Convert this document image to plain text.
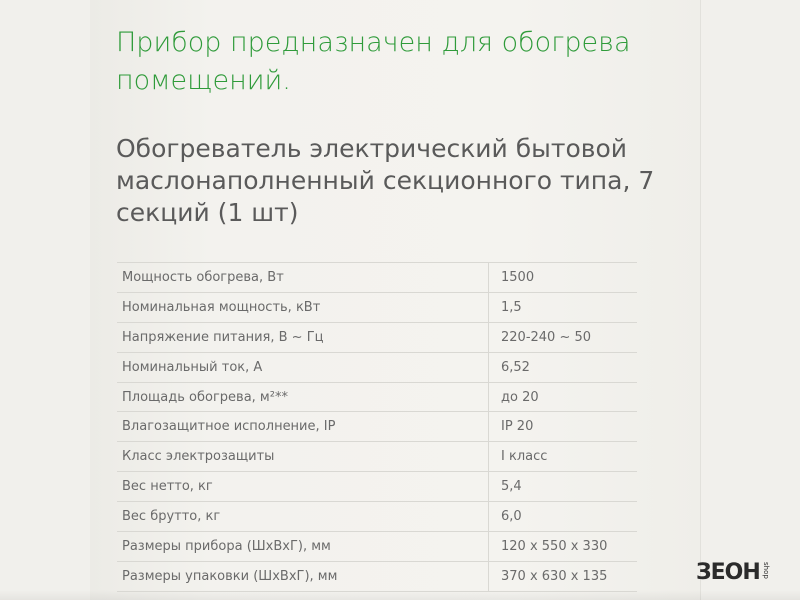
Прибор предназначен для обогрева помещений.
Обогреватель электрический бытовой маслонаполненный секционного типа, 7 секций (1 шт)
Мощность обогрева, Вт	1500
Номинальная мощность, кВт	1,5
Напряжение питания, В ~ Гц	220-240 ~ 50
Номинальный ток, А	6,52
Площадь обогрева, м²**	до 20
Влагозащитное исполнение, IP	IP 20
Класс электрозащиты	I класс
Вес нетто, кг	5,4
Вес брутто, кг	6,0
Размеры прибора (ШхВхГ), мм	120 x 550 x 330
Размеры упаковки (ШхВхГ), мм	370 x 630 x 135	ЗЕОН shop
